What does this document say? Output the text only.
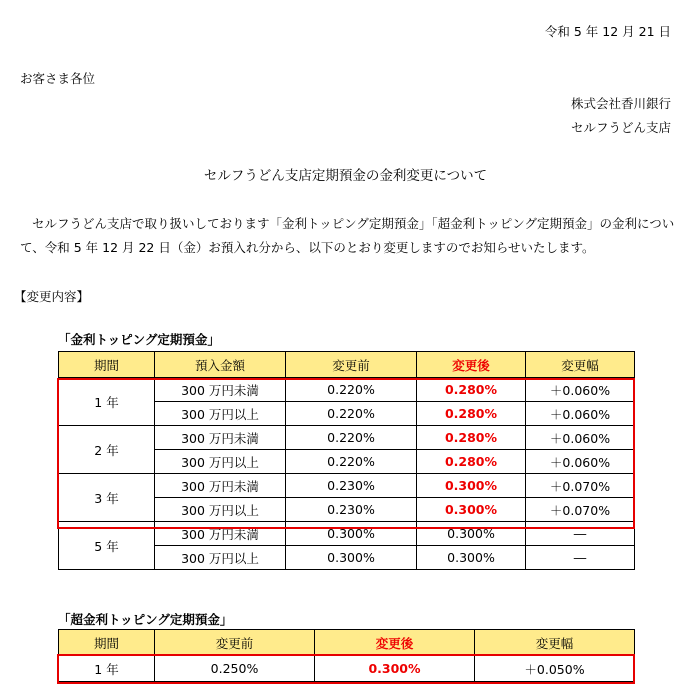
令和 5 年 12 月 21 日
お客さま各位
株式会社香川銀行
セルフうどん支店
セルフうどん支店定期預金の金利変更について

セルフうどん支店で取り扱いしております「金利トッピング定期預金」「超金利トッピング定期預金」の金利につい

て、令和 5 年 12 月 22 日（金）お預入れ分から、以下のとおり変更しますのでお知らせいたします。

【変更内容】
「金利トッピング定期預金」
期間	預入金額	変更前	変更後	変更幅
1 年	300 万円未満	0.220%	0.280%	＋0.060%
	300 万円以上	0.220%	0.280%	＋0.060%
2 年	300 万円未満	0.220%	0.280%	＋0.060%
	300 万円以上	0.220%	0.280%	＋0.060%
3 年	300 万円未満	0.230%	0.300%	＋0.070%
	300 万円以上	0.230%	0.300%	＋0.070%
5 年	300 万円未満	0.300%	0.300%	―
	300 万円以上	0.300%	0.300%	―
「超金利トッピング定期預金」
期間	変更前	変更後	変更幅
1 年	0.250%	0.300%	＋0.050%
